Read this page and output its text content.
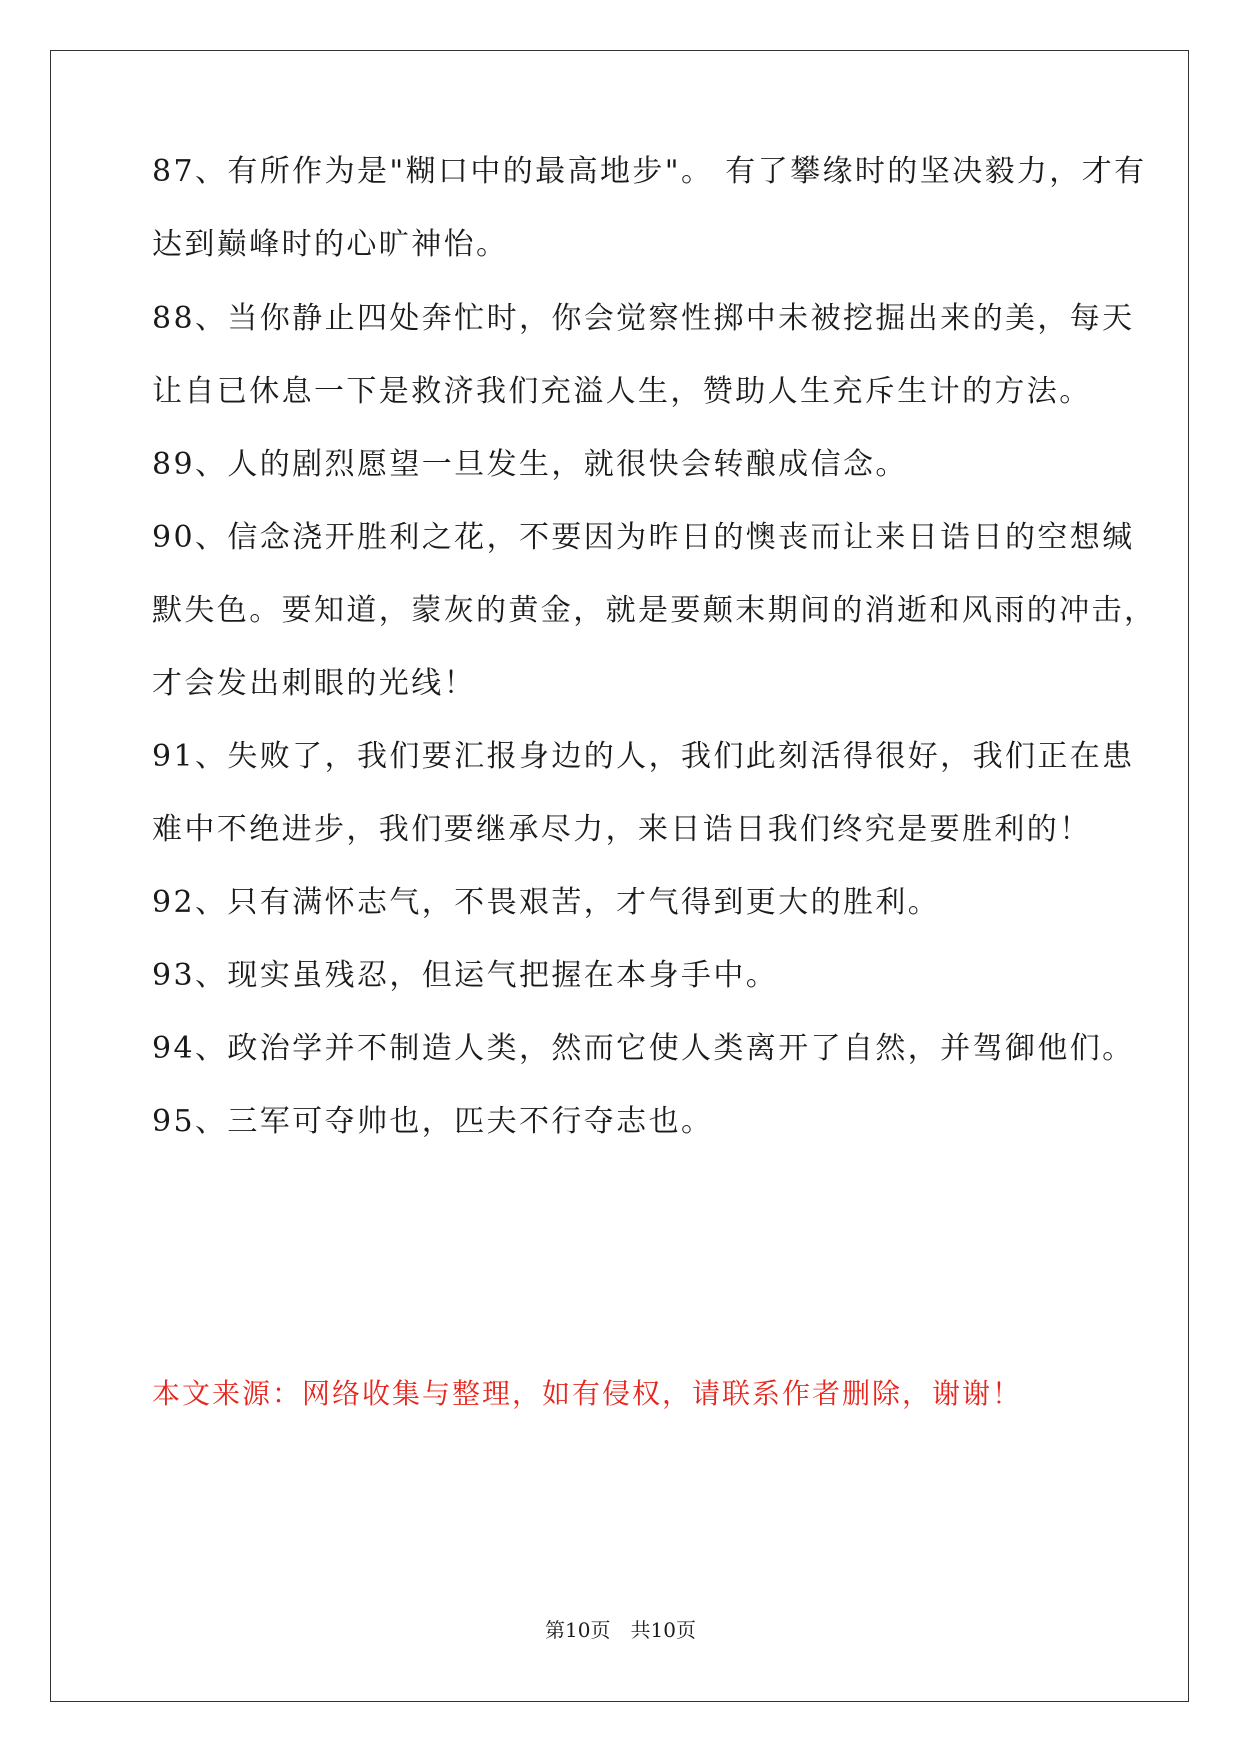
87、有所作为是"糊口中的最高地步"。 有了攀缘时的坚决毅力，才有
达到巅峰时的心旷神怡。
88、当你静止四处奔忙时，你会觉察性掷中未被挖掘出来的美，每天
让自已休息一下是救济我们充溢人生，赞助人生充斥生计的方法。
89、人的剧烈愿望一旦发生，就很快会转酿成信念。
90、信念浇开胜利之花，不要因为昨日的懊丧而让来日诰日的空想缄
默失色。要知道，蒙灰的黄金，就是要颠末期间的消逝和风雨的冲击，
才会发出刺眼的光线！
91、失败了，我们要汇报身边的人，我们此刻活得很好，我们正在患
难中不绝进步，我们要继承尽力，来日诰日我们终究是要胜利的！
92、只有满怀志气，不畏艰苦，才气得到更大的胜利。
93、现实虽残忍，但运气把握在本身手中。
94、政治学并不制造人类，然而它使人类离开了自然，并驾御他们。
95、三军可夺帅也，匹夫不行夺志也。
本文来源：网络收集与整理，如有侵权，请联系作者删除，谢谢！
第10页　共10页
